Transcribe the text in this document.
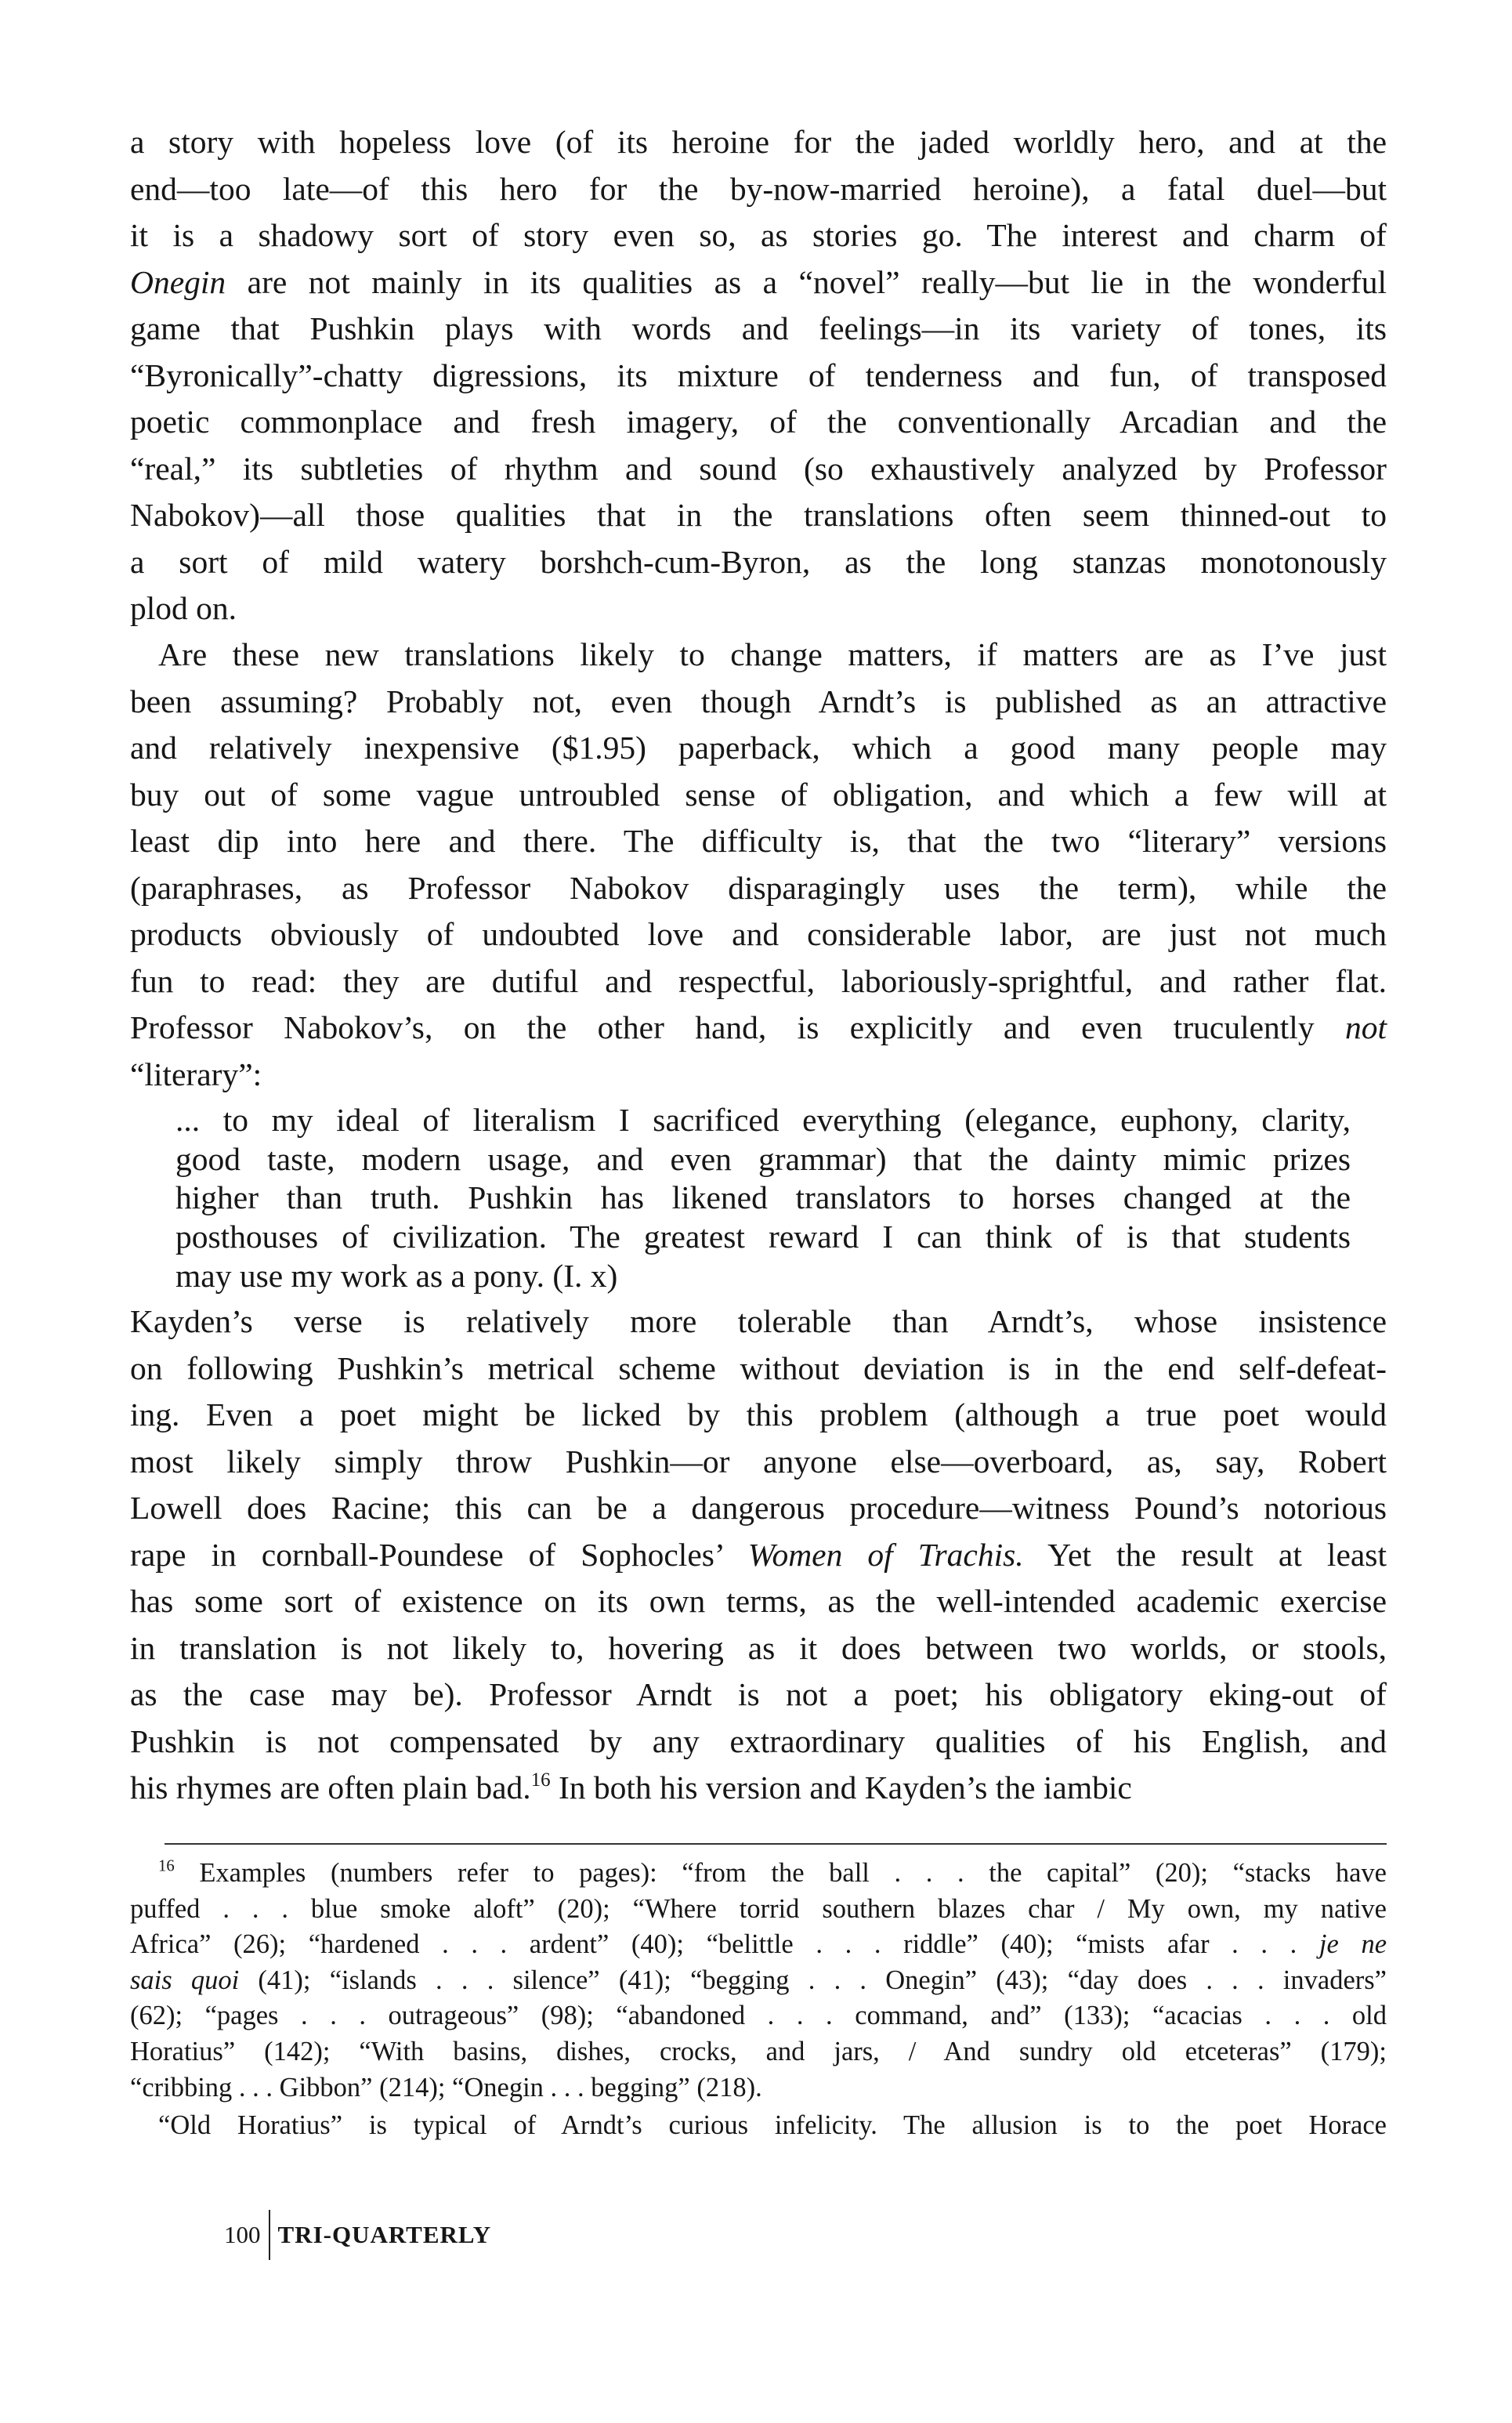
a story with hopeless love (of its heroine for the jaded worldly hero, and at the
end—too late—of this hero for the by-now-married heroine), a fatal duel—but
it is a shadowy sort of story even so, as stories go. The interest and charm of
Onegin are not mainly in its qualities as a “novel” really—but lie in the wonderful
game that Pushkin plays with words and feelings—in its variety of tones, its
“Byronically”-chatty digressions, its mixture of tenderness and fun, of transposed
poetic commonplace and fresh imagery, of the conventionally Arcadian and the
“real,” its subtleties of rhythm and sound (so exhaustively analyzed by Professor
Nabokov)—all those qualities that in the translations often seem thinned-out to
a sort of mild watery borshch-cum-Byron, as the long stanzas monotonously
plod on.
Are these new translations likely to change matters, if matters are as I’ve just
been assuming? Probably not, even though Arndt’s is published as an attractive
and relatively inexpensive ($1.95) paperback, which a good many people may
buy out of some vague untroubled sense of obligation, and which a few will at
least dip into here and there. The difficulty is, that the two “literary” versions
(paraphrases, as Professor Nabokov disparagingly uses the term), while the
products obviously of undoubted love and considerable labor, are just not much
fun to read: they are dutiful and respectful, laboriously-sprightful, and rather flat.
Professor Nabokov’s, on the other hand, is explicitly and even truculently not
“literary”:
... to my ideal of literalism I sacrificed everything (elegance, euphony, clarity,
good taste, modern usage, and even grammar) that the dainty mimic prizes
higher than truth. Pushkin has likened translators to horses changed at the
posthouses of civilization. The greatest reward I can think of is that students
may use my work as a pony. (I. x)
Kayden’s verse is relatively more tolerable than Arndt’s, whose insistence
on following Pushkin’s metrical scheme without deviation is in the end self-defeat-
ing. Even a poet might be licked by this problem (although a true poet would
most likely simply throw Pushkin—or anyone else—overboard, as, say, Robert
Lowell does Racine; this can be a dangerous procedure—witness Pound’s notorious
rape in cornball-Poundese of Sophocles’ Women of Trachis. Yet the result at least
has some sort of existence on its own terms, as the well-intended academic exercise
in translation is not likely to, hovering as it does between two worlds, or stools,
as the case may be). Professor Arndt is not a poet; his obligatory eking-out of
Pushkin is not compensated by any extraordinary qualities of his English, and
his rhymes are often plain bad.$^{16}$ In both his version and Kayden’s the iambic
$^{16}$ Examples (numbers refer to pages): “from the ball . . . the capital” (20); “stacks have
puffed . . . blue smoke aloft” (20); “Where torrid southern blazes char / My own, my native
Africa” (26); “hardened . . . ardent” (40); “belittle . . . riddle” (40); “mists afar . . . je ne
sais quoi (41); “islands . . . silence” (41); “begging . . . Onegin” (43); “day does . . . invaders”
(62); “pages . . . outrageous” (98); “abandoned . . . command, and” (133); “acacias . . . old
Horatius” (142); “With basins, dishes, crocks, and jars, / And sundry old etceteras” (179);
“cribbing . . . Gibbon” (214); “Onegin . . . begging” (218).
“Old Horatius” is typical of Arndt’s curious infelicity. The allusion is to the poet Horace
100 TRI-QUARTERLY
